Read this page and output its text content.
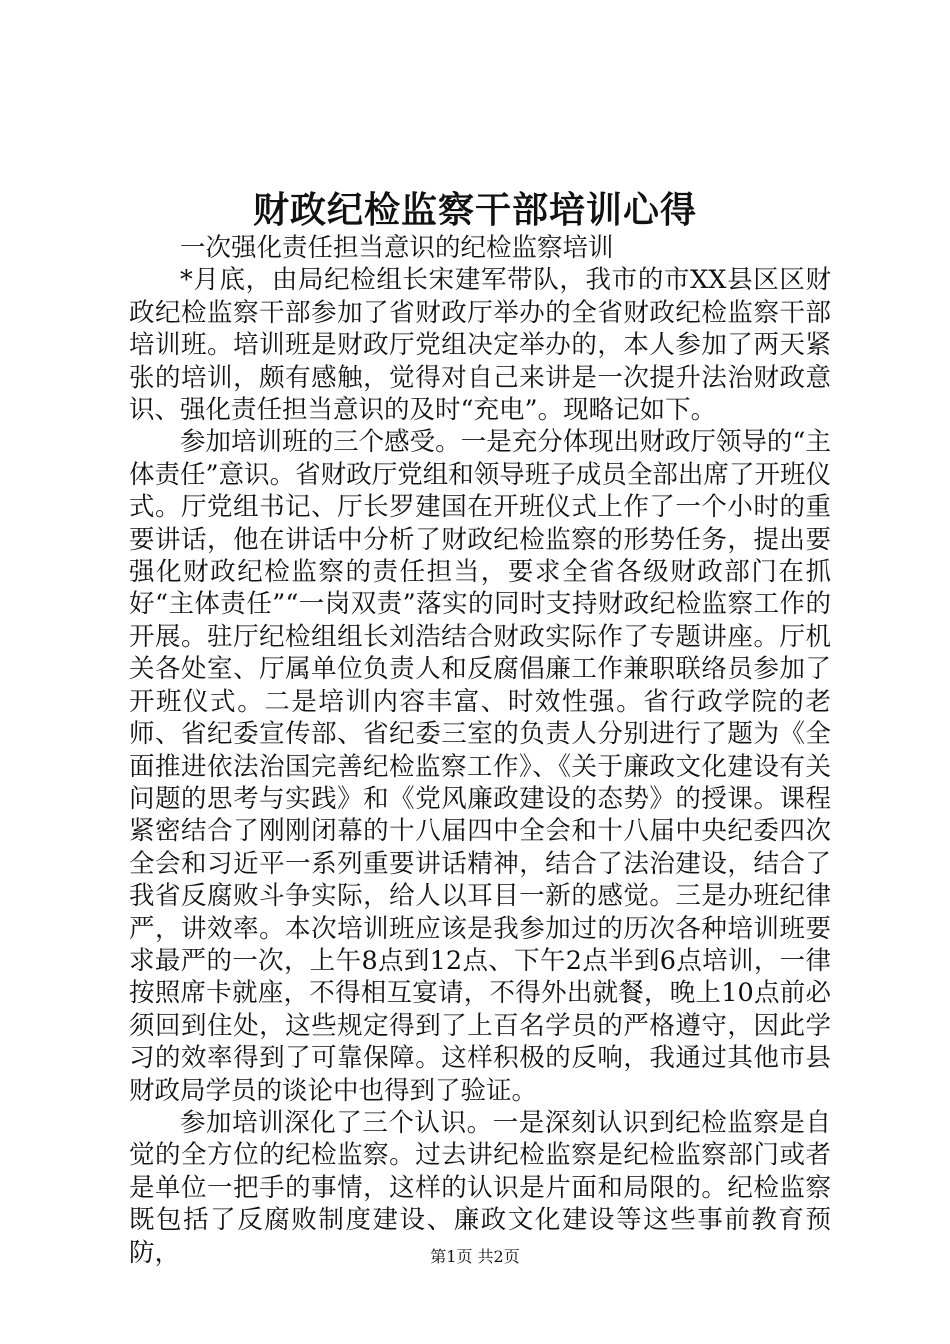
财政纪检监察干部培训心得

一次强化责任担当意识的纪检监察培训

*月底，由局纪检组长宋建军带队，我市的市XX县区区财政纪检监察干部参加了省财政厅举办的全省财政纪检监察干部培训班。培训班是财政厅党组决定举办的，本人参加了两天紧张的培训，颇有感触，觉得对自己来讲是一次提升法治财政意识、强化责任担当意识的及时“充电”。现略记如下。

参加培训班的三个感受。一是充分体现出财政厅领导的“主体责任”意识。省财政厅党组和领导班子成员全部出席了开班仪式。厅党组书记、厅长罗建国在开班仪式上作了一个小时的重要讲话，他在讲话中分析了财政纪检监察的形势任务，提出要强化财政纪检监察的责任担当，要求全省各级财政部门在抓好“主体责任”“一岗双责”落实的同时支持财政纪检监察工作的开展。驻厅纪检组组长刘浩结合财政实际作了专题讲座。厅机关各处室、厅属单位负责人和反腐倡廉工作兼职联络员参加了开班仪式。二是培训内容丰富、时效性强。省行政学院的老师、省纪委宣传部、省纪委三室的负责人分别进行了题为《全面推进依法治国完善纪检监察工作》、《关于廉政文化建设有关问题的思考与实践》和《党风廉政建设的态势》的授课。课程紧密结合了刚刚闭幕的十八届四中全会和十八届中央纪委四次全会和习近平一系列重要讲话精神，结合了法治建设，结合了我省反腐败斗争实际，给人以耳目一新的感觉。三是办班纪律严，讲效率。本次培训班应该是我参加过的历次各种培训班要求最严的一次，上午8点到12点、下午2点半到6点培训，一律按照席卡就座，不得相互宴请，不得外出就餐，晚上10点前必须回到住处，这些规定得到了上百名学员的严格遵守，因此学习的效率得到了可靠保障。这样积极的反响，我通过其他市县财政局学员的谈论中也得到了验证。

参加培训深化了三个认识。一是深刻认识到纪检监察是自觉的全方位的纪检监察。过去讲纪检监察是纪检监察部门或者是单位一把手的事情，这样的认识是片面和局限的。纪检监察既包括了反腐败制度建设、廉政文化建设等这些事前教育预防，	第1页 共2页
